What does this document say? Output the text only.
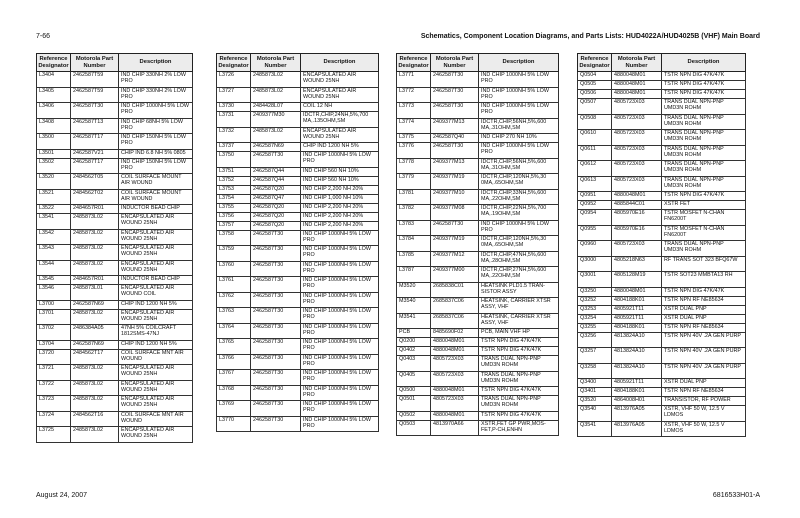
7-66	Schematics, Component Location Diagrams, and Parts Lists: HUD4022A/HUD4025B (VHF) Main Board
Reference Designator	Motorola Part Number	Description
L3404	2462587T59	IND CHIP 330NH 2% LOW PRO
L3405	2462587T59	IND CHIP 330NH 2% LOW PRO
L3406	2462587T30	IND CHIP 1000NH 5% LOW PRO
L3408	2462587T13	IND CHIP 68NH 5% LOW PRO
L3500	2462587T17	IND CHIP 150NH 5% LOW PRO
L3501	2462587V21	CHIP IND 6.8 NH 5% 0805
L3502	2462587T17	IND CHIP 150NH 5% LOW PRO
L3520	2484562T05	COIL SURFACE MOUNT AIR WOUND
L3521	2484562T02	COIL SURFACE MOUNT AIR WOUND
L3522	2484657R01	INDUCTOR BEAD CHIP
L3541	2485873L02	ENCAPSULATED AIR WOUND 25NH
L3542	2485873L02	ENCAPSULATED AIR WOUND 25NH
L3543	2485873L02	ENCAPSULATED AIR WOUND 25NH
L3544	2485873L02	ENCAPSULATED AIR WOUND 25NH
L3545	2484657R01	INDUCTOR BEAD CHIP
L3546	2485873L01	ENCAPSULATED AIR WOUND COIL
L3700	2462587N69	CHIP IND 1200 NH 5%
L3701	2485873L02	ENCAPSULATED AIR WOUND 25NH
L3702	2486384A05	47NH 5% COILCRAFT 1812SMS-47NJ
L3704	2462587N69	CHIP IND 1200 NH 5%
L3720	2484562T17	COIL SURFACE MNT AIR WOUND
L3721	2485873L02	ENCAPSULATED AIR WOUND 25NH
L3722	2485873L02	ENCAPSULATED AIR WOUND 25NH
L3723	2485873L02	ENCAPSULATED AIR WOUND 25NH
L3724	2484562T16	COIL SURFACE MNT AIR WOUND
L3725	2485873L02	ENCAPSULATED AIR WOUND 25NH
Reference Designator	Motorola Part Number	Description
L3726	2485873L02	ENCAPSULATED AIR WOUND 25NH
L3727	2485873L02	ENCAPSULATED AIR WOUND 25NH
L3730	2484428L07	COIL 12 NH
L3731	2409377M30	IDCTR,CHIP,24NH,5%,700 MA,.135OHM,SM
L3732	2485873L02	ENCAPSULATED AIR WOUND 25NH
L3737	2462587N69	CHIP IND 1200 NH 5%
L3750	2462587T30	IND CHIP 1000NH 5% LOW PRO
L3751	2462587Q44	IND CHIP 560 NH 10%
L3752	2462587Q44	IND CHIP 560 NH 10%
L3753	2462587Q20	IND CHIP 2,200 NH 20%
L3754	2462587Q47	IND CHIP 1,000 NH 10%
L3755	2462587Q20	IND CHIP 2,200 NH 20%
L3756	2462587Q20	IND CHIP 2,200 NH 20%
L3757	2462587Q20	IND CHIP 2,200 NH 20%
L3758	2462587T30	IND CHIP 1000NH 5% LOW PRO
L3759	2462587T30	IND CHIP 1000NH 5% LOW PRO
L3760	2462587T30	IND CHIP 1000NH 5% LOW PRO
L3761	2462587T30	IND CHIP 1000NH 5% LOW PRO
L3762	2462587T30	IND CHIP 1000NH 5% LOW PRO
L3763	2462587T30	IND CHIP 1000NH 5% LOW PRO
L3764	2462587T30	IND CHIP 1000NH 5% LOW PRO
L3765	2462587T30	IND CHIP 1000NH 5% LOW PRO
L3766	2462587T30	IND CHIP 1000NH 5% LOW PRO
L3767	2462587T30	IND CHIP 1000NH 5% LOW PRO
L3768	2462587T30	IND CHIP 1000NH 5% LOW PRO
L3769	2462587T30	IND CHIP 1000NH 5% LOW PRO
L3770	2462587T30	IND CHIP 1000NH 5% LOW PRO
Reference Designator	Motorola Part Number	Description
L3771	2462587T30	IND CHIP 1000NH 5% LOW PRO
L3772	2462587T30	IND CHIP 1000NH 5% LOW PRO
L3773	2462587T30	IND CHIP 1000NH 5% LOW PRO
L3774	2409377M13	IDCTR,CHIP,56NH,5%,600 MA,.31OHM,SM
L3775	2462587Q40	IND CHIP 270 NH 10%
L3776	2462587T30	IND CHIP 1000NH 5% LOW PRO
L3778	2409377M13	IDCTR,CHIP,56NH,5%,600 MA,.31OHM,SM
L3779	2409377M19	IDCTR,CHIP,120NH,5%,30 0MA,.65OHM,SM
L3781	2409377M10	IDCTR,CHIP,33NH,5%,600 MA,.22OHM,SM
L3782	2409377M08	IDCTR,CHIP,22NH,5%,700 MA,.19OHM,SM
L3783	2462587T30	IND CHIP 1000NH 5% LOW PRO
L3784	2409377M19	IDCTR,CHIP,120NH,5%,30 0MA,.65OHM,SM
L3785	2409377M12	IDCTR,CHIP,47NH,5%,600 MA,.28OHM,SM
L3787	2409377M00	IDCTR,CHIP,27NH,5%,600 MA,.22OHM,SM
M3520	2685838C01	HEATSINK PLD1.5 TRAN-SISTOR ASSY
M3540	2685837C06	HEATSINK, CARRIER XTSR ASSY, VHF
M3541	2685837C06	HEATSINK, CARRIER XTSR ASSY, VHF
PCB	8485690F02	PCB, MAIN VHF HP
Q0200	4880048M01	TSTR NPN DIG 47K/47K
Q0402	4880048M01	TSTR NPN DIG 47K/47K
Q0403	4805723X03	TRANS DUAL NPN-PNP UMD3N ROHM
Q0405	4805723X03	TRANS DUAL NPN-PNP UMD3N ROHM
Q0500	4880048M01	TSTR NPN DIG 47K/47K
Q0501	4805723X03	TRANS DUAL NPN-PNP UMD3N ROHM
Q0502	4880048M01	TSTR NPN DIG 47K/47K
Q0503	4813970A66	XSTR,FET GP PWR,MOS-FET,P-CH,ENHN
Reference Designator	Motorola Part Number	Description
Q0504	4880048M01	TSTR NPN DIG 47K/47K
Q0505	4880048M01	TSTR NPN DIG 47K/47K
Q0506	4880048M01	TSTR NPN DIG 47K/47K
Q0507	4805723X03	TRANS DUAL NPN-PNP UMD3N ROHM
Q0508	4805723X03	TRANS DUAL NPN-PNP UMD3N ROHM
Q0610	4805723X03	TRANS DUAL NPN-PNP UMD3N ROHM
Q0611	4805723X03	TRANS DUAL NPN-PNP UMD3N ROHM
Q0612	4805723X03	TRANS DUAL NPN-PNP UMD3N ROHM
Q0613	4805723X03	TRANS DUAL NPN-PNP UMD3N ROHM
Q0951	4880048M01	TSTR NPN DIG 47K/47K
Q0952	4885844C01	XSTR FET
Q0954	4805970E16	TSTR MOSFET N-CHAN FN6200T
Q0955	4805970E16	TSTR MOSFET N-CHAN FN6200T
Q0960	4805723X03	TRANS DUAL NPN-PNP UMD3N ROHM
Q3000	4805218N63	RF TRANS SOT 323 BFQ67W
Q3001	4805128M19	TSTR SOT23 MMBTA13 RH
Q3250	4880048M01	TSTR NPN DIG 47K/47K
Q3252	4804188K01	TSTR NPN RF NE85634
Q3253	4805921T11	XSTR DUAL PNP
Q3254	4805921T11	XSTR DUAL PNP
Q3255	4804188K01	TSTR NPN RF NE85634
Q3256	4813824A10	TSTR NPN 40V .2A GEN PURP
Q3257	4813824A10	TSTR NPN 40V .2A GEN PURP
Q3258	4813824A10	TSTR NPN 40V .2A GEN PURP
Q3400	4805921T11	XSTR DUAL PNP
Q3401	4804188K01	TSTR NPN RF NE85634
Q3520	4864008H01	TRANSISTOR, RF POWER
Q3540	4813976A05	XSTR, VHF 50 W, 12.5 V LDMOS
Q3541	4813976A05	XSTR, VHF 50 W, 12.5 V LDMOS
August 24, 2007	6816533H01-A
